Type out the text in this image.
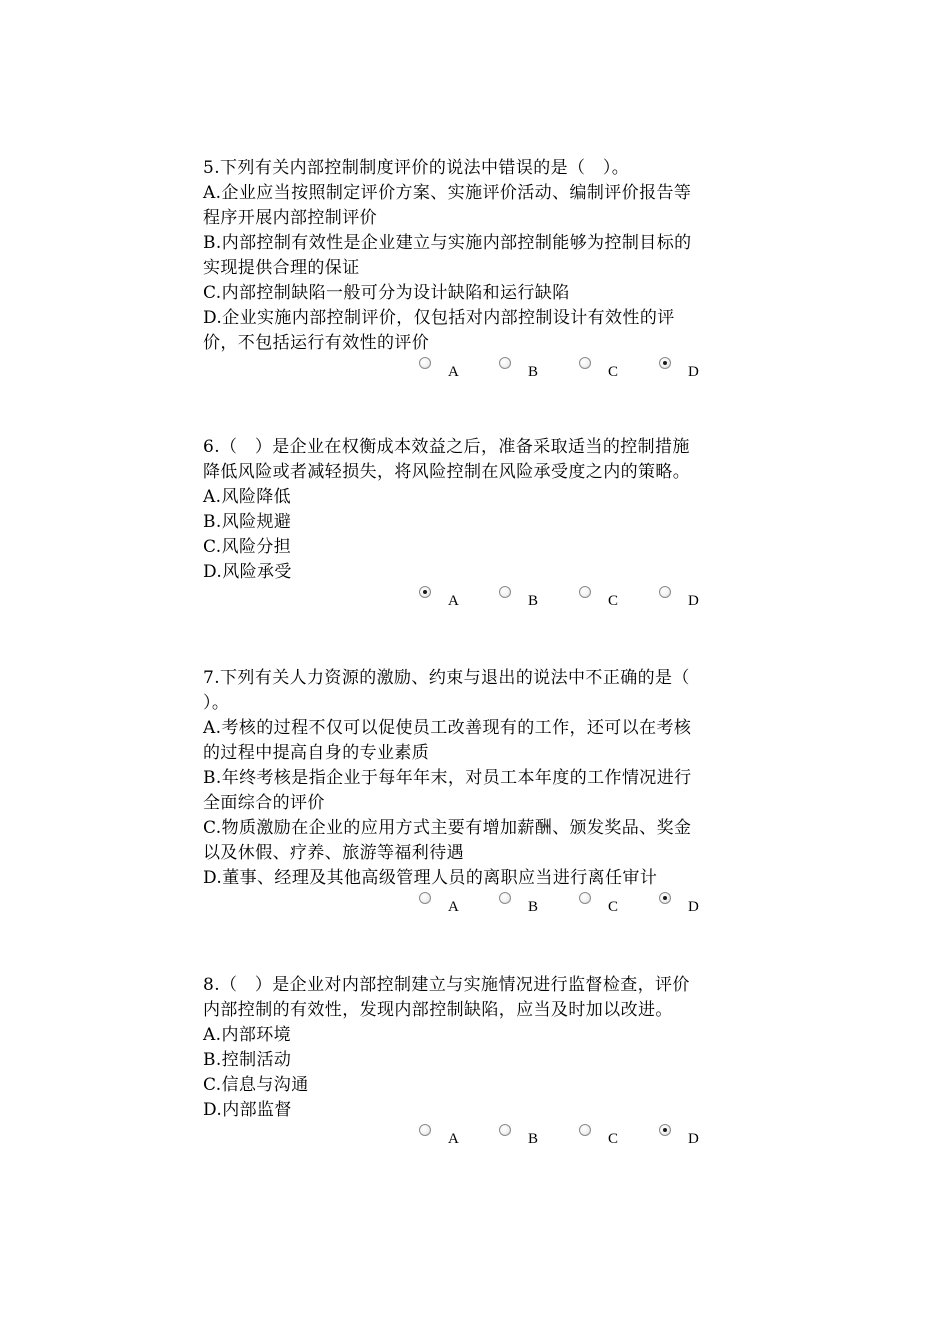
5.下列有关内部控制制度评价的说法中错误的是（　）。
A.企业应当按照制定评价方案、实施评价活动、编制评价报告等
程序开展内部控制评价
B.内部控制有效性是企业建立与实施内部控制能够为控制目标的
实现提供合理的保证
C.内部控制缺陷一般可分为设计缺陷和运行缺陷
D.企业实施内部控制评价，仅包括对内部控制设计有效性的评
价，不包括运行有效性的评价
A	B	C	D
6.（　）是企业在权衡成本效益之后，准备采取适当的控制措施
降低风险或者减轻损失，将风险控制在风险承受度之内的策略。
A.风险降低
B.风险规避
C.风险分担
D.风险承受
A	B	C	D
7.下列有关人力资源的激励、约束与退出的说法中不正确的是（
）。
A.考核的过程不仅可以促使员工改善现有的工作，还可以在考核
的过程中提高自身的专业素质
B.年终考核是指企业于每年年末，对员工本年度的工作情况进行
全面综合的评价
C.物质激励在企业的应用方式主要有增加薪酬、颁发奖品、奖金
以及休假、疗养、旅游等福利待遇
D.董事、经理及其他高级管理人员的离职应当进行离任审计
A	B	C	D
8.（　）是企业对内部控制建立与实施情况进行监督检查，评价
内部控制的有效性，发现内部控制缺陷，应当及时加以改进。
A.内部环境
B.控制活动
C.信息与沟通
D.内部监督
A	B	C	D
